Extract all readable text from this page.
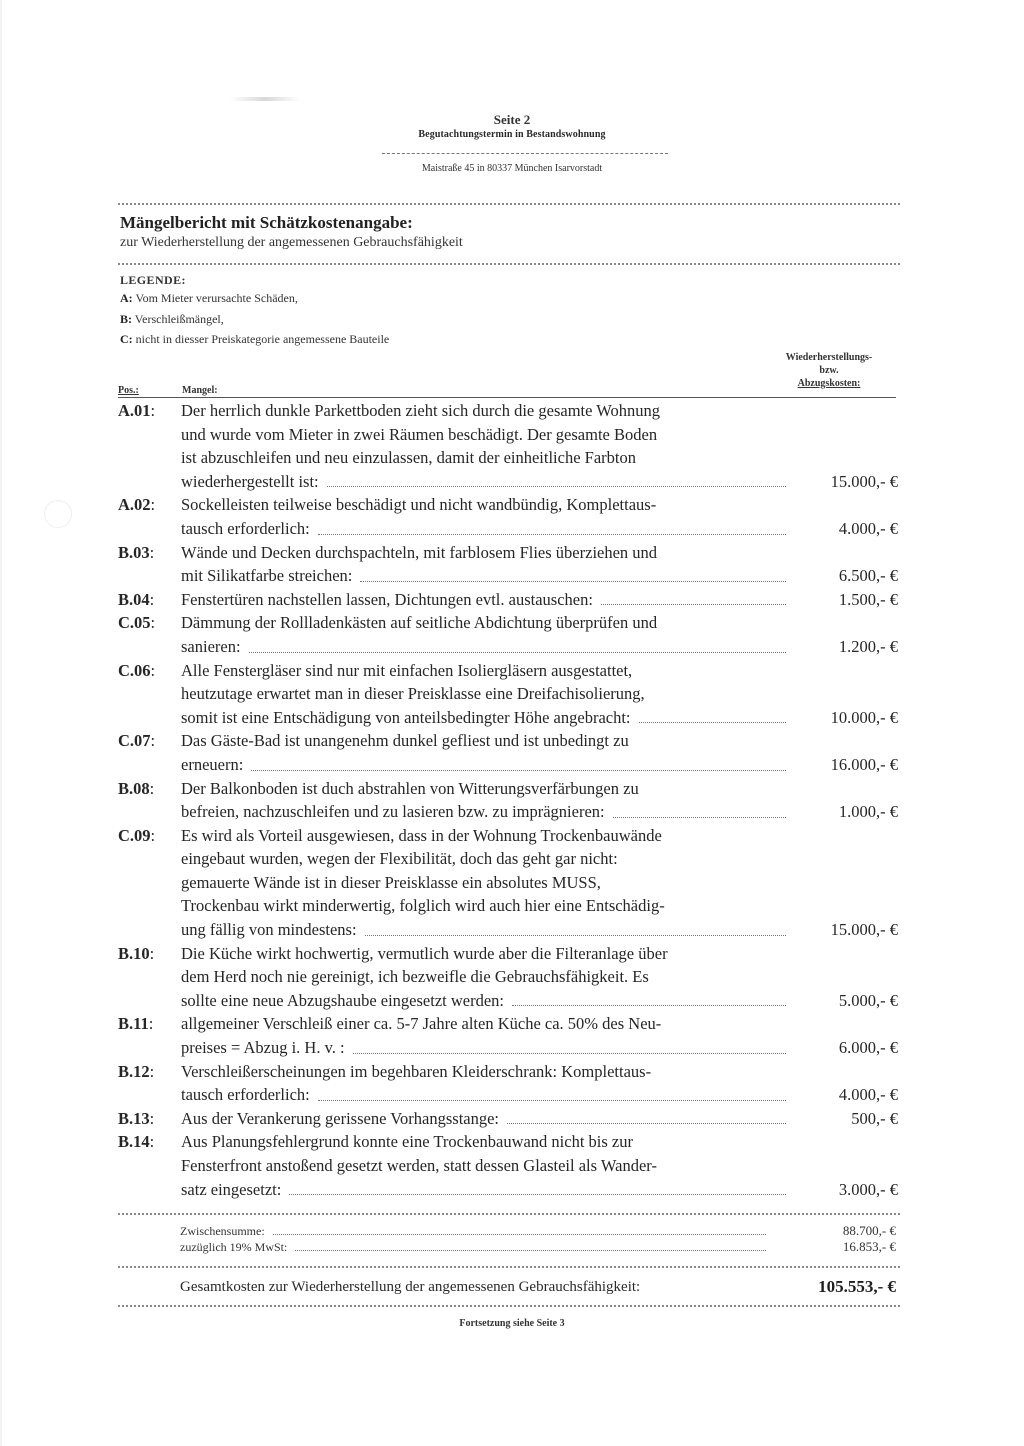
Seite 2
Begutachtungstermin in Bestandswohnung
Maistraße 45 in 80337 München Isarvorstadt
Mängelbericht mit Schätzkostenangabe:
zur Wiederherstellung der angemessenen Gebrauchsfähigkeit
LEGENDE:
A: Vom Mieter verursachte Schäden,
B: Verschleißmängel,
C: nicht in diesser Preiskategorie angemessene Bauteile
Wiederherstellungs-
bzw.
Abzugskosten:
Pos.:	Mangel:
A.01:	Der herrlich dunkle Parkettboden zieht sich durch die gesamte Wohnung
und wurde vom Mieter in zwei Räumen beschädigt. Der gesamte Boden
ist abzuschleifen und neu einzulassen, damit der einheitliche Farbton
wiederhergestellt ist:	15.000,- €
A.02:	Sockelleisten teilweise beschädigt und nicht wandbündig, Komplettaus-
tausch erforderlich:	4.000,- €
B.03:	Wände und Decken durchspachteln, mit farblosem Flies überziehen und
mit Silikatfarbe streichen:	6.500,- €
B.04:	Fenstertüren nachstellen lassen, Dichtungen evtl. austauschen:	1.500,- €
C.05:	Dämmung der Rollladenkästen auf seitliche Abdichtung überprüfen und
sanieren:	1.200,- €
C.06:	Alle Fenstergläser sind nur mit einfachen Isoliergläsern ausgestattet,
heutzutage erwartet man in dieser Preisklasse eine Dreifachisolierung,
somit ist eine Entschädigung von anteilsbedingter Höhe angebracht:	10.000,- €
C.07:	Das Gäste-Bad ist unangenehm dunkel gefliest und ist unbedingt zu
erneuern:	16.000,- €
B.08:	Der Balkonboden ist duch abstrahlen von Witterungsverfärbungen zu
befreien, nachzuschleifen und zu lasieren bzw. zu imprägnieren:	1.000,- €
C.09:	Es wird als Vorteil ausgewiesen, dass in der Wohnung Trockenbauwände
eingebaut wurden, wegen der Flexibilität, doch das geht gar nicht:
gemauerte Wände ist in dieser Preisklasse ein absolutes MUSS,
Trockenbau wirkt minderwertig, folglich wird auch hier eine Entschädig-
ung fällig von mindestens:	15.000,- €
B.10:	Die Küche wirkt hochwertig, vermutlich wurde aber die Filteranlage über
dem Herd noch nie gereinigt, ich bezweifle die Gebrauchsfähigkeit. Es
sollte eine neue Abzugshaube eingesetzt werden:	5.000,- €
B.11:	allgemeiner Verschleiß einer ca. 5-7 Jahre alten Küche ca. 50% des Neu-
preises = Abzug i. H. v. :	6.000,- €
B.12:	Verschleißerscheinungen im begehbaren Kleiderschrank: Komplettaus-
tausch erforderlich:	4.000,- €
B.13:	Aus der Verankerung gerissene Vorhangsstange:	500,- €
B.14:	Aus Planungsfehlergrund konnte eine Trockenbauwand nicht bis zur
Fensterfront anstoßend gesetzt werden, statt dessen Glasteil als Wander-
satz eingesetzt:	3.000,- €
Zwischensumme:	88.700,- €
zuzüglich 19% MwSt:	16.853,- €
Gesamtkosten zur Wiederherstellung der angemessenen Gebrauchsfähigkeit:	105.553,- €
Fortsetzung siehe Seite 3
